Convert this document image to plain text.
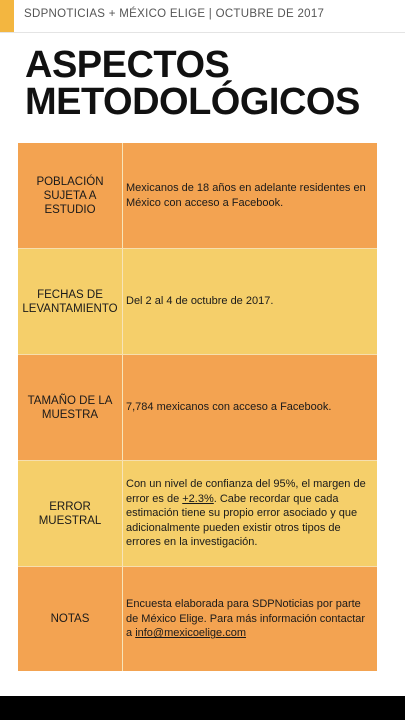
SDPNOTICIAS + MÉXICO ELIGE | OCTUBRE DE 2017
ASPECTOS
METODOLÓGICOS
POBLACIÓN SUJETA A ESTUDIO
Mexicanos de 18 años en adelante residentes en México con acceso a Facebook.
FECHAS DE LEVANTAMIENTO
Del 2 al 4 de octubre de 2017.
TAMAÑO DE LA MUESTRA
7,784 mexicanos con acceso a Facebook.
ERROR MUESTRAL
Con un nivel de confianza del 95%, el margen de error es de +2.3%. Cabe recordar que cada estimación tiene su propio error asociado y que adicionalmente pueden existir otros tipos de errores en la investigación.
NOTAS
Encuesta elaborada para SDPNoticias por parte de México Elige. Para más información contactar a info@mexicoelige.com
